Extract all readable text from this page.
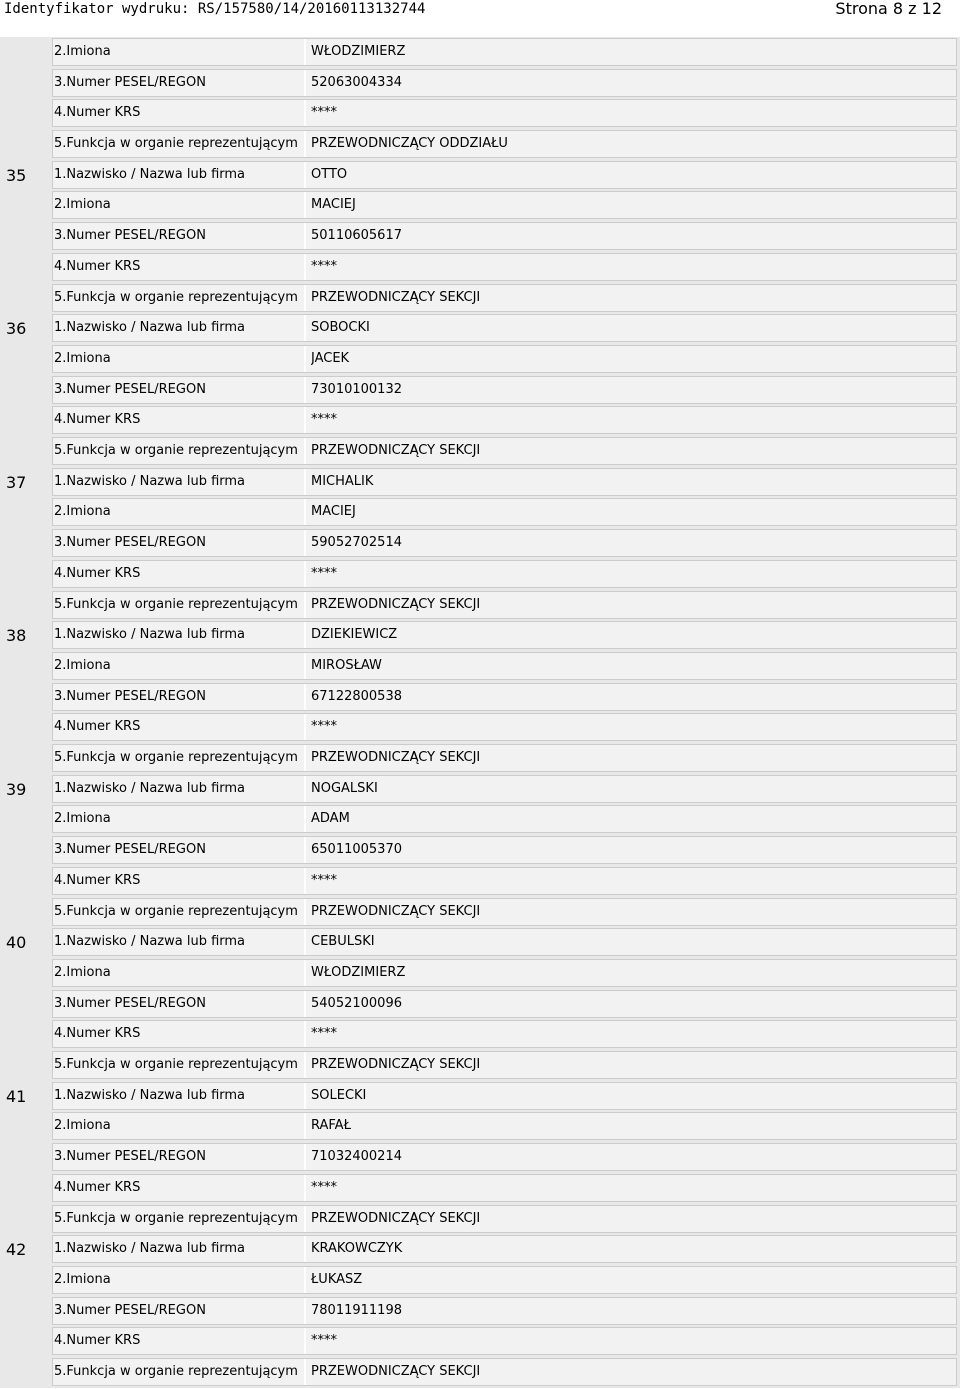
Identyfikator wydruku: RS/157580/14/20160113132744	Strona 8 z 12
2.Imiona	WŁODZIMIERZ
3.Numer PESEL/REGON	52063004334
4.Numer KRS	****
5.Funkcja w organie reprezentującym	PRZEWODNICZĄCY ODDZIAŁU
35	1.Nazwisko / Nazwa lub firma	OTTO
2.Imiona	MACIEJ
3.Numer PESEL/REGON	50110605617
4.Numer KRS	****
5.Funkcja w organie reprezentującym	PRZEWODNICZĄCY SEKCJI
36	1.Nazwisko / Nazwa lub firma	SOBOCKI
2.Imiona	JACEK
3.Numer PESEL/REGON	73010100132
4.Numer KRS	****
5.Funkcja w organie reprezentującym	PRZEWODNICZĄCY SEKCJI
37	1.Nazwisko / Nazwa lub firma	MICHALIK
2.Imiona	MACIEJ
3.Numer PESEL/REGON	59052702514
4.Numer KRS	****
5.Funkcja w organie reprezentującym	PRZEWODNICZĄCY SEKCJI
38	1.Nazwisko / Nazwa lub firma	DZIEKIEWICZ
2.Imiona	MIROSŁAW
3.Numer PESEL/REGON	67122800538
4.Numer KRS	****
5.Funkcja w organie reprezentującym	PRZEWODNICZĄCY SEKCJI
39	1.Nazwisko / Nazwa lub firma	NOGALSKI
2.Imiona	ADAM
3.Numer PESEL/REGON	65011005370
4.Numer KRS	****
5.Funkcja w organie reprezentującym	PRZEWODNICZĄCY SEKCJI
40	1.Nazwisko / Nazwa lub firma	CEBULSKI
2.Imiona	WŁODZIMIERZ
3.Numer PESEL/REGON	54052100096
4.Numer KRS	****
5.Funkcja w organie reprezentującym	PRZEWODNICZĄCY SEKCJI
41	1.Nazwisko / Nazwa lub firma	SOLECKI
2.Imiona	RAFAŁ
3.Numer PESEL/REGON	71032400214
4.Numer KRS	****
5.Funkcja w organie reprezentującym	PRZEWODNICZĄCY SEKCJI
42	1.Nazwisko / Nazwa lub firma	KRAKOWCZYK
2.Imiona	ŁUKASZ
3.Numer PESEL/REGON	78011911198
4.Numer KRS	****
5.Funkcja w organie reprezentującym	PRZEWODNICZĄCY SEKCJI
